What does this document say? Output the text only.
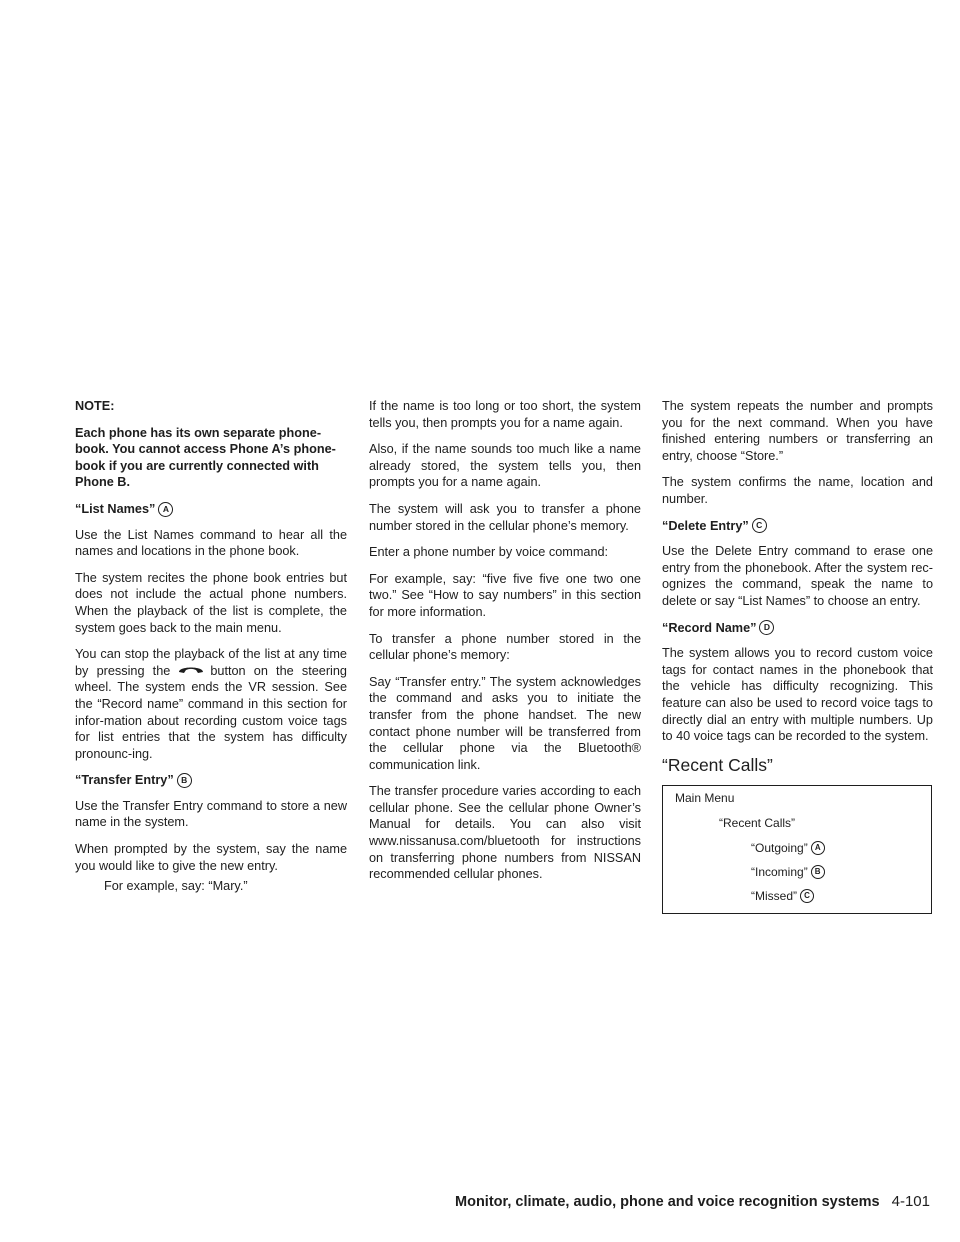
NOTE:

Each phone has its own separate phone-book. You cannot access Phone A’s phone-book if you are currently connected with Phone B.

“List Names” A

Use the List Names command to hear all the names and locations in the phone book.

The system recites the phone book entries but does not include the actual phone numbers. When the playback of the list is complete, the system goes back to the main menu.

You can stop the playback of the list at any time by pressing the	button on the steering wheel. The system ends the VR session. See the “Record name” command in this section for infor-mation about recording custom voice tags for list entries that the system has difficulty pronounc-ing.

“Transfer Entry” B

Use the Transfer Entry command to store a new name in the system.

When prompted by the system, say the name you would like to give the new entry.

For example, say: “Mary.”

If the name is too long or too short, the system tells you, then prompts you for a name again.

Also, if the name sounds too much like a name already stored, the system tells you, then prompts you for a name again.

The system will ask you to transfer a phone number stored in the cellular phone’s memory.

Enter a phone number by voice command:

For example, say: “five five five one two one two.” See “How to say numbers” in this section for more information.

To transfer a phone number stored in the cellular phone’s memory:

Say “Transfer entry.” The system acknowledges the command and asks you to initiate the transfer from the phone handset. The new contact phone number will be transferred from the cellular phone via the Bluetooth® communication link.

The transfer procedure varies according to each cellular phone. See the cellular phone Owner’s Manual for details. You can also visit www.nissanusa.com/bluetooth for instructions on transferring phone numbers from NISSAN recommended cellular phones.

The system repeats the number and prompts you for the next command. When you have finished entering numbers or transferring an entry, choose “Store.”

The system confirms the name, location and number.

“Delete Entry” C

Use the Delete Entry command to erase one entry from the phonebook. After the system rec-ognizes the command, speak the name to delete or say “List Names” to choose an entry.

“Record Name” D

The system allows you to record custom voice tags for contact names in the phonebook that the vehicle has difficulty recognizing. This feature can also be used to record voice tags to directly dial an entry with multiple numbers. Up to 40 voice tags can be recorded to the system.

“Recent Calls”
Main Menu
“Recent Calls”
“Outgoing” A
“Incoming” B
“Missed” C
Monitor, climate, audio, phone and voice recognition systems 4-101
